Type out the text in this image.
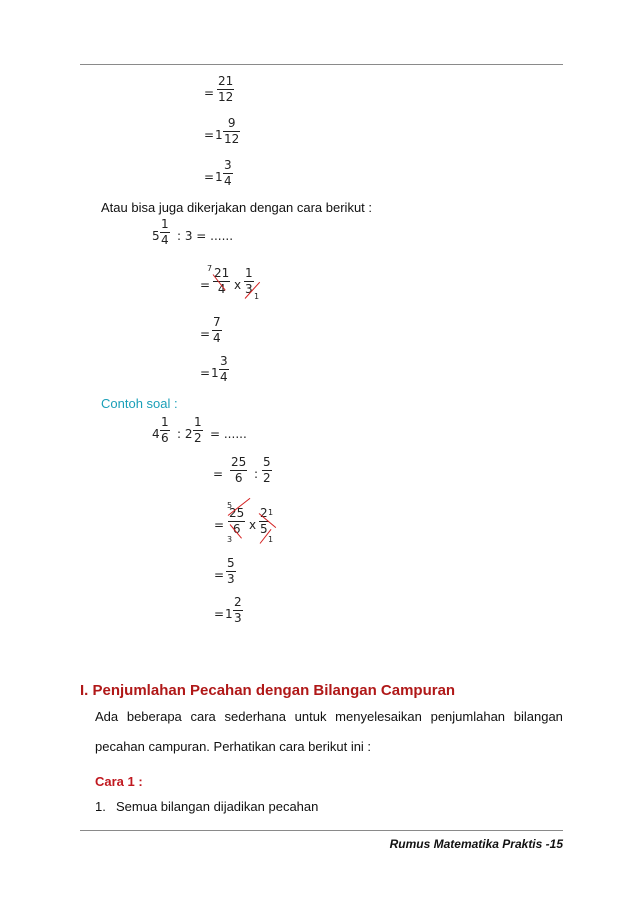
=
21
12
= 1
9
12
= 1
3
4
Atau bisa juga dikerjakan dengan cara berikut :
5
1
4 : 3 = ......
7
=
21
4 x
1
3
1
=
7
4
= 1
3
4
Contoh soal :
4
1
6 : 2
1
2 = ......
=
25
6 :
5
2
5
1
=
25
6 x
2
5
3	1
=
5
3
= 1
2
3
I. Penjumlahan Pecahan dengan Bilangan Campuran
Ada beberapa cara sederhana untuk menyelesaikan penjumlahan bilangan
pecahan campuran. Perhatikan cara berikut ini :
Cara 1 :
1. Semua bilangan dijadikan pecahan
Rumus Matematika Praktis -15
